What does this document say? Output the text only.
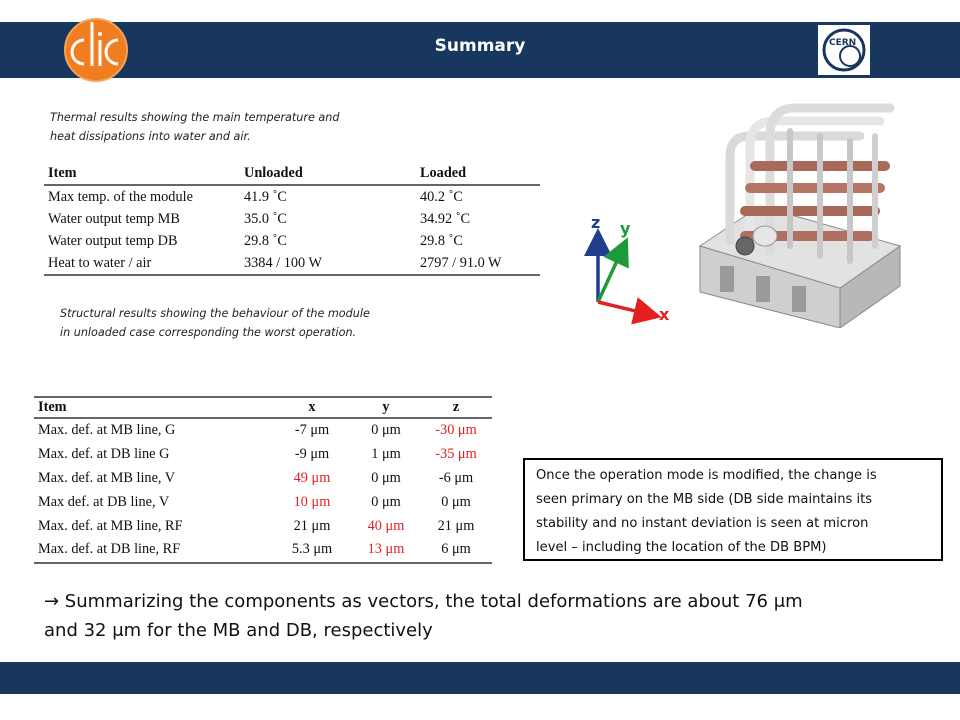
Summary	CERN
Thermal results showing the main temperature and
heat dissipations into water and air.
Item	Unloaded	Loaded
Max temp. of the module	41.9 ˚C	40.2 ˚C
Water output temp MB	35.0 ˚C	34.92 ˚C
Water output temp DB	29.8 ˚C	29.8 ˚C
Heat to water / air	3384 / 100 W	2797 / 91.0 W
Structural results showing the behaviour of the module
in unloaded case corresponding the worst operation.
Item	x	y	z
Max. def. at MB line, G	-7 μm	0 μm	-30 μm
Max. def. at DB line G	-9 μm	1 μm	-35 μm
Max. def. at MB line, V	49 μm	0 μm	-6 μm
Max def. at DB line, V	10 μm	0 μm	0 μm
Max. def. at MB line, RF	21 μm	40 μm	21 μm
Max. def. at DB line, RF	5.3 μm	13 μm	6 μm
z y
x
Once the operation mode is modified, the change is
seen primary on the MB side (DB side maintains its
stability and no instant deviation is seen at micron
level – including the location of the DB BPM)
→ Summarizing the components as vectors, the total deformations are about 76 μm
and 32 μm for the MB and DB, respectively
